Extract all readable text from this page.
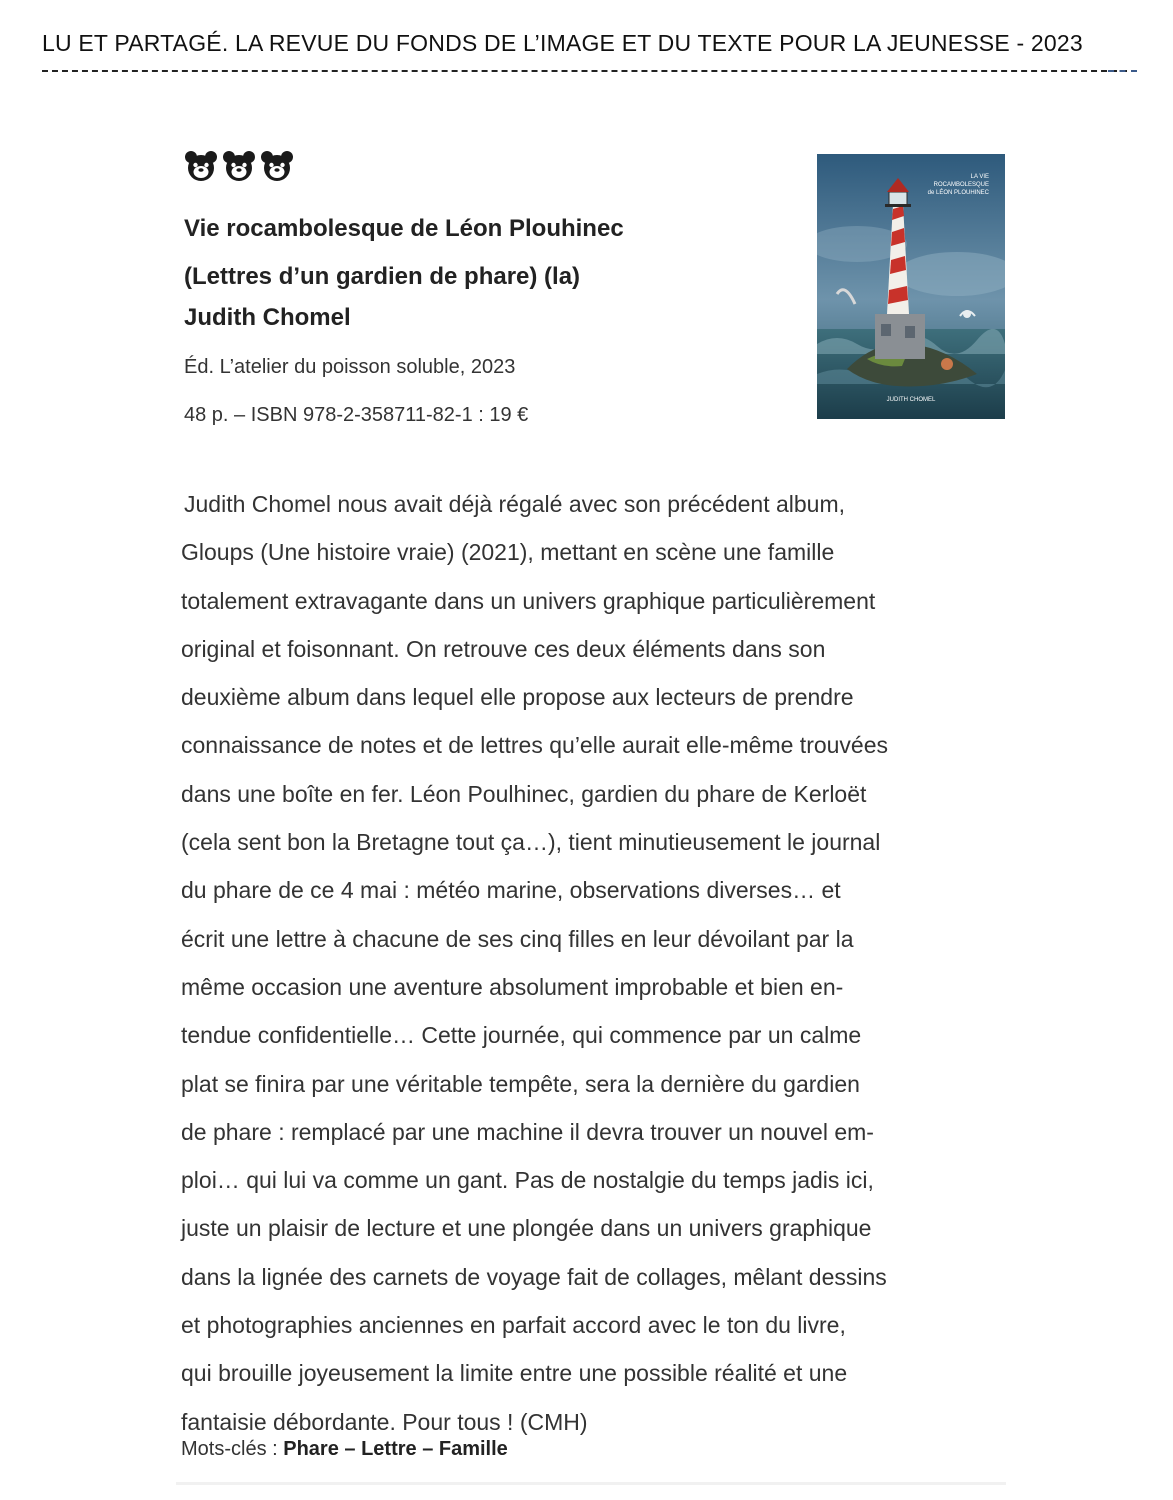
LU ET PARTAGÉ. LA REVUE DU FONDS DE L’IMAGE ET DU TEXTE POUR LA JEUNESSE - 2023
Vie rocambolesque de Léon Plouhinec
(Lettres d’un gardien de phare) (la)
Judith Chomel
Éd. L’atelier du poisson soluble, 2023
48 p. – ISBN 978-2-358711-82-1 : 19 €
LA VIE
ROCAMBOLESQUE
de LÉON PLOUHINEC
JUDITH CHOMEL
Judith Chomel nous avait déjà régalé avec son précédent album,
Gloups (Une histoire vraie) (2021), mettant en scène une famille
totalement extravagante dans un univers graphique particulièrement
original et foisonnant. On retrouve ces deux éléments dans son
deuxième album dans lequel elle propose aux lecteurs de prendre
connaissance de notes et de lettres qu’elle aurait elle-même trouvées
dans une boîte en fer. Léon Poulhinec, gardien du phare de Kerloët
(cela sent bon la Bretagne tout ça…), tient minutieusement le journal
du phare de ce 4 mai : météo marine, observations diverses… et
écrit une lettre à chacune de ses cinq filles en leur dévoilant par la
même occasion une aventure absolument improbable et bien en-
tendue confidentielle… Cette journée, qui commence par un calme
plat se finira par une véritable tempête, sera la dernière du gardien
de phare : remplacé par une machine il devra trouver un nouvel em-
ploi… qui lui va comme un gant. Pas de nostalgie du temps jadis ici,
juste un plaisir de lecture et une plongée dans un univers graphique
dans la lignée des carnets de voyage fait de collages, mêlant dessins
et photographies anciennes en parfait accord avec le ton du livre,
qui brouille joyeusement la limite entre une possible réalité et une
fantaisie débordante. Pour tous ! (CMH)
Mots-clés : Phare – Lettre – Famille
